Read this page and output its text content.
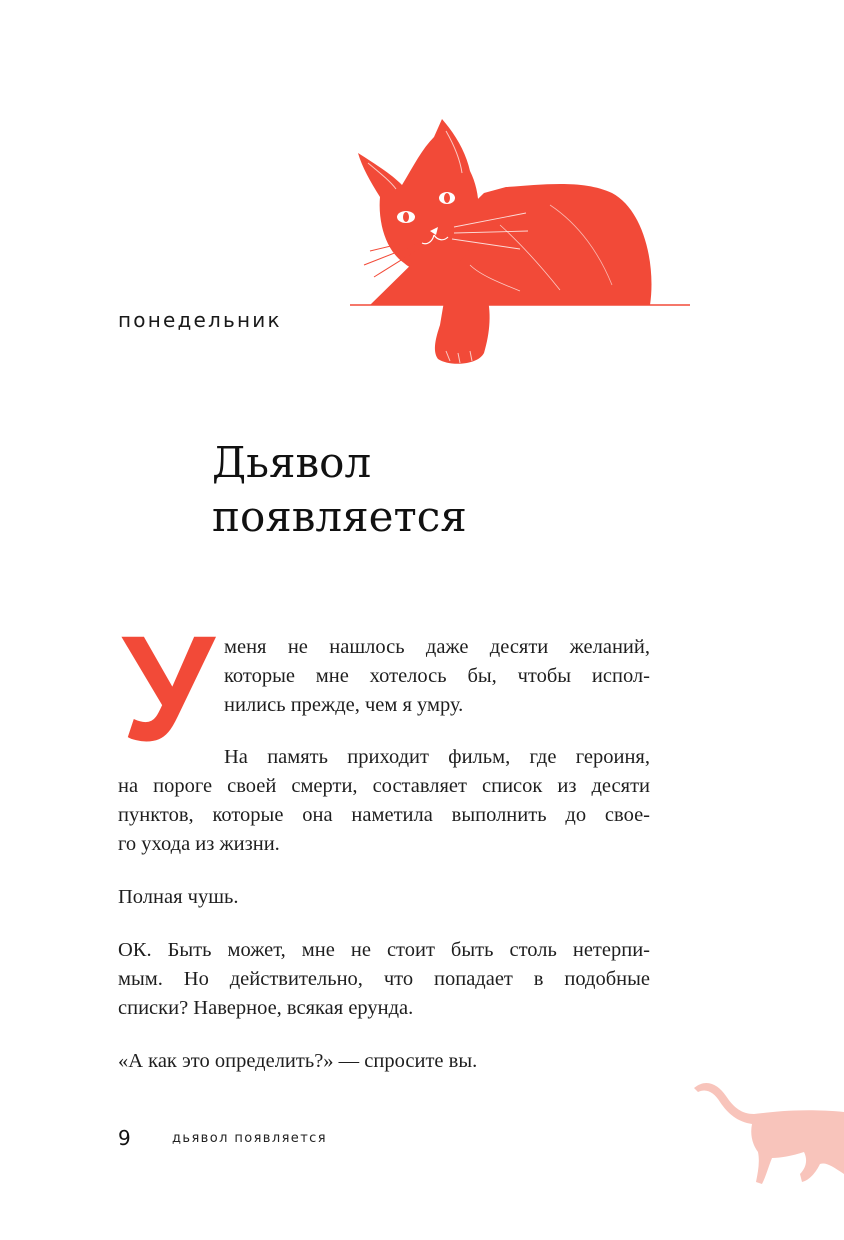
понедельник
Дьявол
появляется
У меня не нашлось даже десяти желаний,
которые мне хотелось бы, чтобы испол-
нились прежде, чем я умру.
На память приходит фильм, где героиня,
на пороге своей смерти, составляет список из десяти
пунктов, которые она наметила выполнить до свое-
го ухода из жизни.
Полная чушь.
ОК. Быть может, мне не стоит быть столь нетерпи-
мым. Но действительно, что попадает в подобные
списки? Наверное, всякая ерунда.
«А как это определить?» — спросите вы.
9	дьявол появляется
